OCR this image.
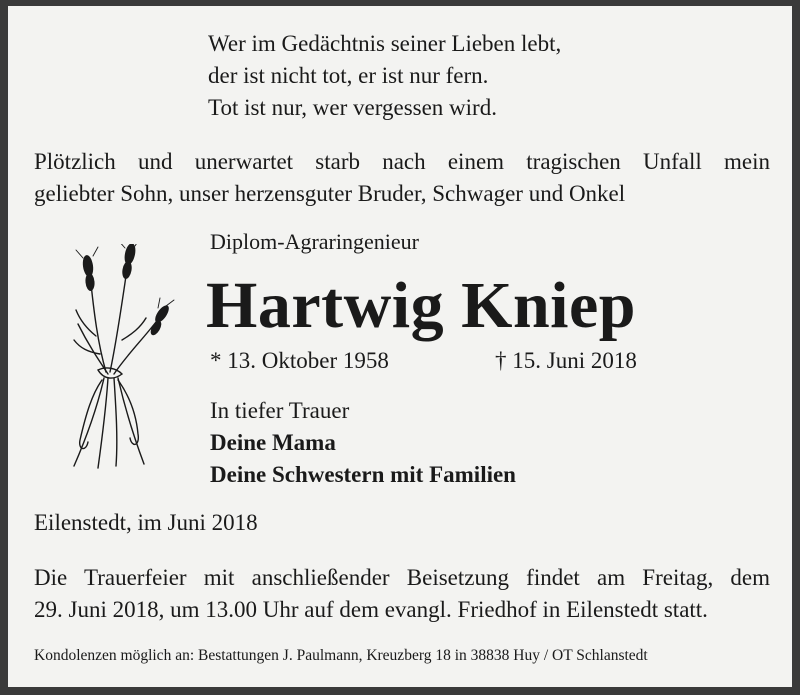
Wer im Gedächtnis seiner Lieben lebt,
der ist nicht tot, er ist nur fern.
Tot ist nur, wer vergessen wird.
Plötzlich und unerwartet starb nach einem tragischen Unfall mein
geliebter Sohn, unser herzensguter Bruder, Schwager und Onkel
Diplom-Agraringenieur
Hartwig Kniep
* 13. Oktober 1958	† 15. Juni 2018
In tiefer Trauer
Deine Mama
Deine Schwestern mit Familien
Eilenstedt, im Juni 2018
Die Trauerfeier mit anschließender Beisetzung findet am Freitag, dem
29. Juni 2018, um 13.00 Uhr auf dem evangl. Friedhof in Eilenstedt statt.
Kondolenzen möglich an: Bestattungen J. Paulmann, Kreuzberg 18 in 38838 Huy / OT Schlanstedt
